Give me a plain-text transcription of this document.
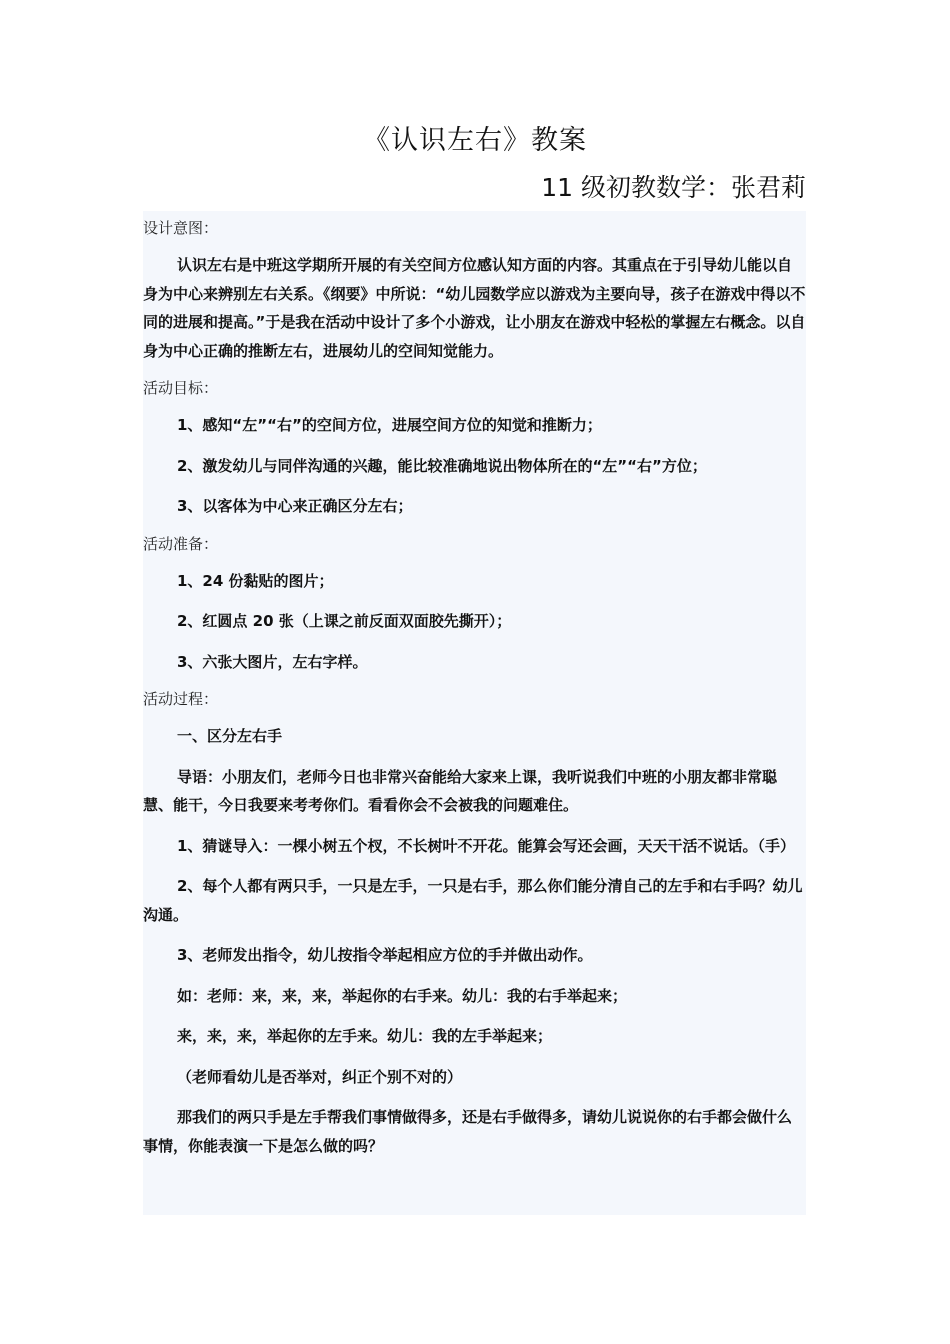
《认识左右》教案
11 级初教数学：张君莉

设计意图：

认识左右是中班这学期所开展的有关空间方位感认知方面的内容。其重点在于引导幼儿能以自身为中心来辨别左右关系。《纲要》中所说：“幼儿园数学应以游戏为主要向导，孩子在游戏中得以不同的进展和提高。”于是我在活动中设计了多个小游戏，让小朋友在游戏中轻松的掌握左右概念。以自身为中心正确的推断左右，进展幼儿的空间知觉能力。

活动目标：

1、感知“左”“右”的空间方位，进展空间方位的知觉和推断力；

2、激发幼儿与同伴沟通的兴趣，能比较准确地说出物体所在的“左”“右”方位；

3、以客体为中心来正确区分左右；

活动准备：

1、24 份黏贴的图片；

2、红圆点 20 张（上课之前反面双面胶先撕开）；

3、六张大图片，左右字样。

活动过程：

一、区分左右手

导语：小朋友们，老师今日也非常兴奋能给大家来上课，我听说我们中班的小朋友都非常聪慧、能干，今日我要来考考你们。看看你会不会被我的问题难住。

1、猜谜导入：一棵小树五个杈，不长树叶不开花。能算会写还会画，天天干活不说话。（手）

2、每个人都有两只手，一只是左手，一只是右手，那么你们能分清自己的左手和右手吗？幼儿沟通。

3、老师发出指令，幼儿按指令举起相应方位的手并做出动作。

如：老师：来，来，来，举起你的右手来。幼儿：我的右手举起来；

来，来，来，举起你的左手来。幼儿：我的左手举起来；

（老师看幼儿是否举对，纠正个别不对的）

那我们的两只手是左手帮我们事情做得多，还是右手做得多，请幼儿说说你的右手都会做什么事情，你能表演一下是怎么做的吗？
